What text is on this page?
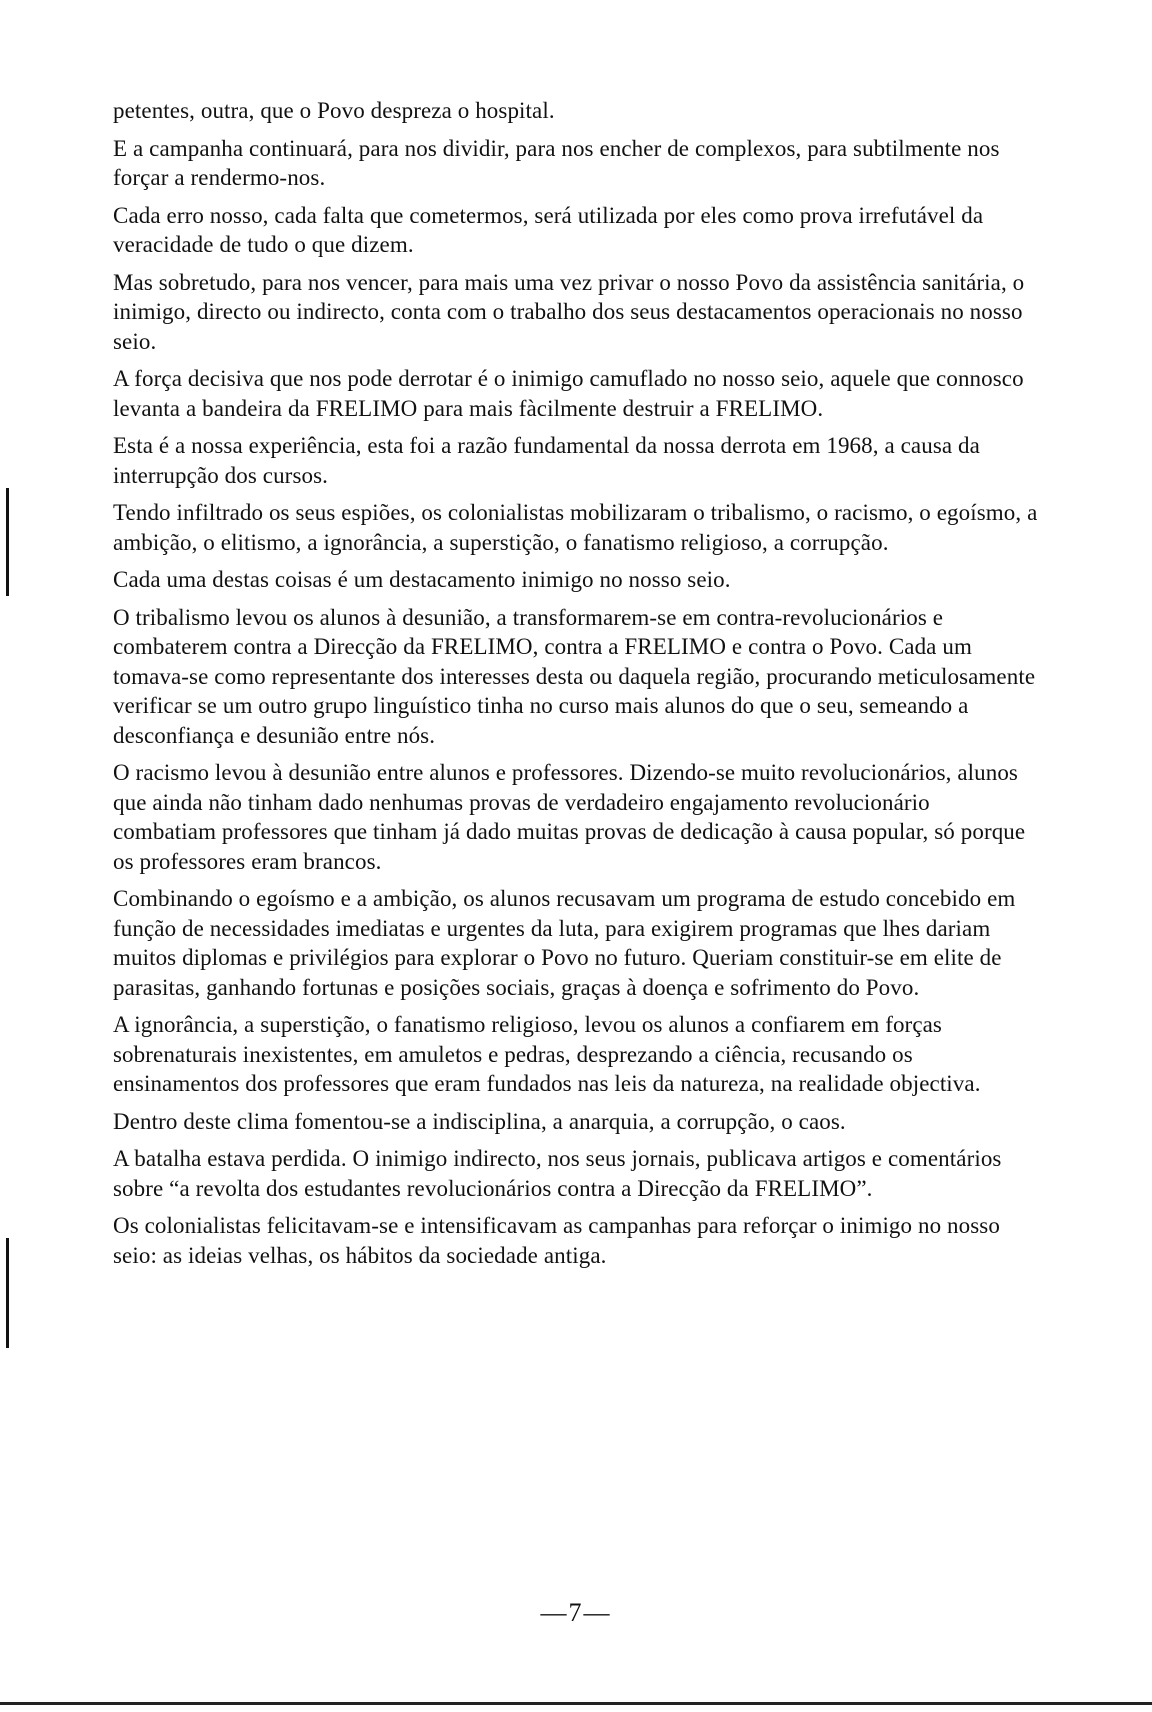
petentes, outra, que o Povo despreza o hospital.

E a campanha continuará, para nos dividir, para nos encher de complexos, para subtilmente nos forçar a rendermo-nos.

Cada erro nosso, cada falta que cometermos, será utilizada por eles como prova irrefutável da veracidade de tudo o que dizem.

Mas sobretudo, para nos vencer, para mais uma vez privar o nosso Povo da assistência sanitária, o inimigo, directo ou indirecto, conta com o trabalho dos seus destacamentos operacionais no nosso seio.

A força decisiva que nos pode derrotar é o inimigo camuflado no nosso seio, aquele que connosco levanta a bandeira da FRELIMO para mais fàcilmente destruir a FRELIMO.

Esta é a nossa experiência, esta foi a razão fundamental da nossa derrota em 1968, a causa da interrupção dos cursos.

Tendo infiltrado os seus espiões, os colonialistas mobilizaram o tribalismo, o racismo, o egoísmo, a ambição, o elitismo, a ignorância, a superstição, o fanatismo religioso, a corrupção.

Cada uma destas coisas é um destacamento inimigo no nosso seio.

O tribalismo levou os alunos à desunião, a transformarem-se em contra-revolucionários e combaterem contra a Direcção da FRELIMO, contra a FRELIMO e contra o Povo. Cada um tomava-se como representante dos interesses desta ou daquela região, procurando meticulosamente verificar se um outro grupo linguístico tinha no curso mais alunos do que o seu, semeando a desconfiança e desunião entre nós.

O racismo levou à desunião entre alunos e professores. Dizendo-se muito revolucionários, alunos que ainda não tinham dado nenhumas provas de verdadeiro engajamento revolucionário combatiam professores que tinham já dado muitas provas de dedicação à causa popular, só porque os professores eram brancos.

Combinando o egoísmo e a ambição, os alunos recusavam um programa de estudo concebido em função de necessidades imediatas e urgentes da luta, para exigirem programas que lhes dariam muitos diplomas e privilégios para explorar o Povo no futuro. Queriam constituir-se em elite de parasitas, ganhando fortunas e posições sociais, graças à doença e sofrimento do Povo.

A ignorância, a superstição, o fanatismo religioso, levou os alunos a confiarem em forças sobrenaturais inexistentes, em amuletos e pedras, desprezando a ciência, recusando os ensinamentos dos professores que eram fundados nas leis da natureza, na realidade objectiva.

Dentro deste clima fomentou-se a indisciplina, a anarquia, a corrupção, o caos.

A batalha estava perdida. O inimigo indirecto, nos seus jornais, publicava artigos e comentários sobre “a revolta dos estudantes revolucionários contra a Direcção da FRELIMO”.

Os colonialistas felicitavam-se e intensificavam as campanhas para reforçar o inimigo no nosso seio: as ideias velhas, os hábitos da sociedade antiga.

—7—
